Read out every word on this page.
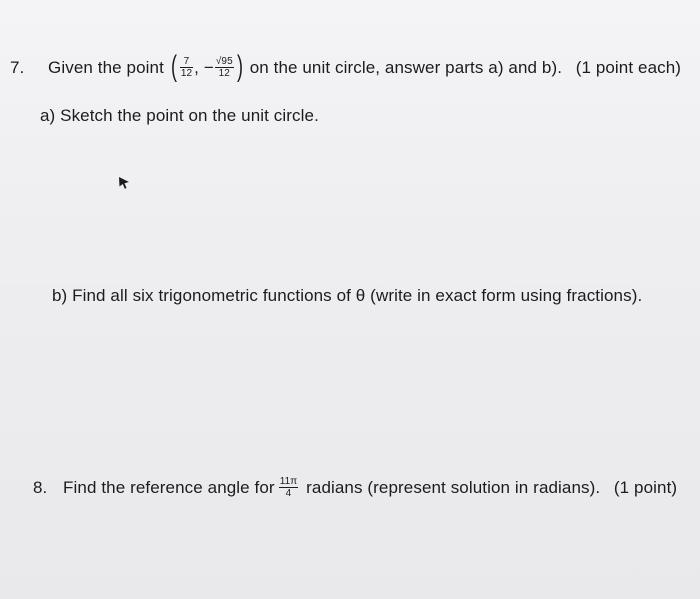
7. Given the point ( $\frac{7}{12}$ , − $\frac{√95}{12}$ ) on the unit circle, answer parts a) and b). (1 point each)
a) Sketch the point on the unit circle.
b) Find all six trigonometric functions of θ (write in exact form using fractions).
8. Find the reference angle for $\frac{11\pi}{4}$ radians (represent solution in radians). (1 point)
